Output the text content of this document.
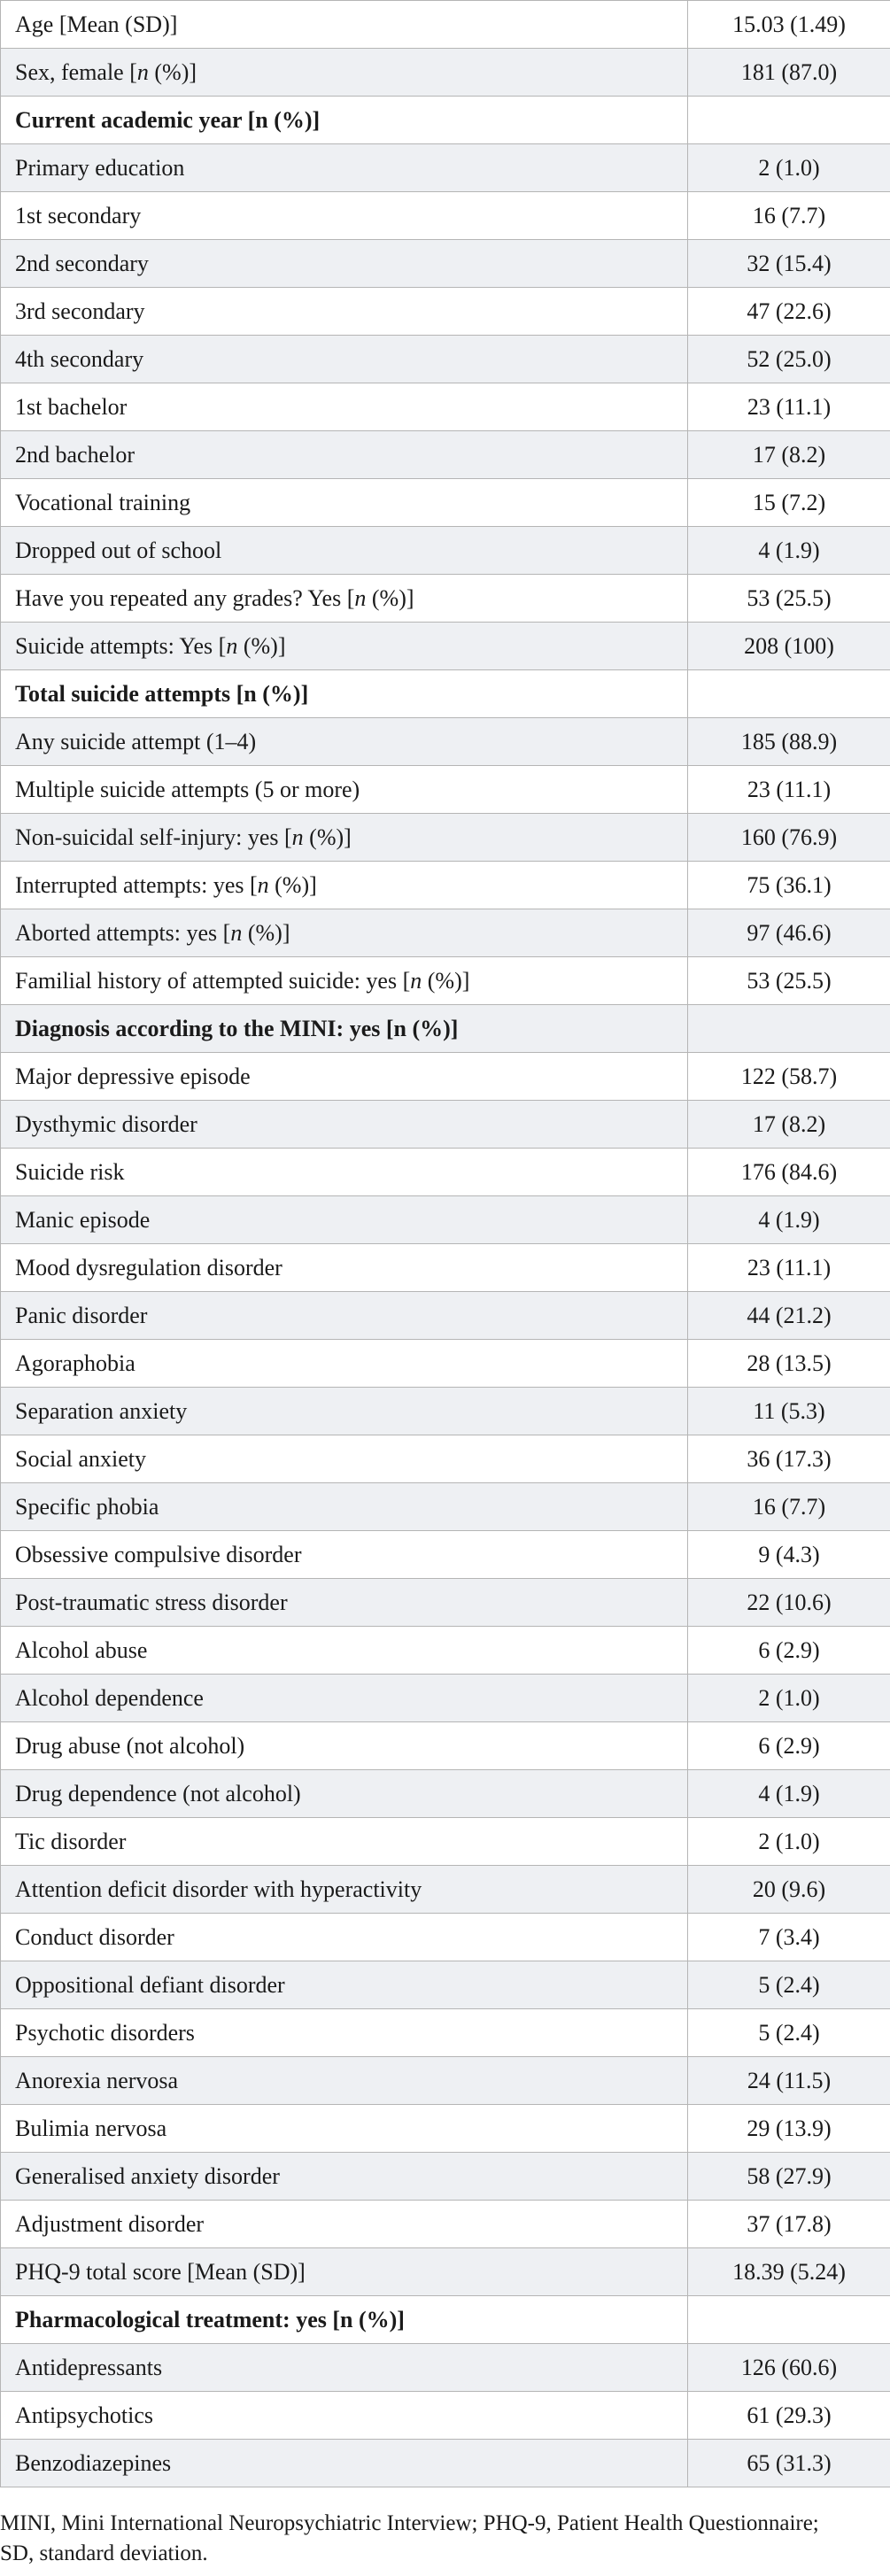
Age [Mean (SD)]	15.03 (1.49)
Sex, female [n (%)]	181 (87.0)
Current academic year [n (%)]	
Primary education	2 (1.0)
1st secondary	16 (7.7)
2nd secondary	32 (15.4)
3rd secondary	47 (22.6)
4th secondary	52 (25.0)
1st bachelor	23 (11.1)
2nd bachelor	17 (8.2)
Vocational training	15 (7.2)
Dropped out of school	4 (1.9)
Have you repeated any grades? Yes [n (%)]	53 (25.5)
Suicide attempts: Yes [n (%)]	208 (100)
Total suicide attempts [n (%)]	
Any suicide attempt (1–4)	185 (88.9)
Multiple suicide attempts (5 or more)	23 (11.1)
Non-suicidal self-injury: yes [n (%)]	160 (76.9)
Interrupted attempts: yes [n (%)]	75 (36.1)
Aborted attempts: yes [n (%)]	97 (46.6)
Familial history of attempted suicide: yes [n (%)]	53 (25.5)
Diagnosis according to the MINI: yes [n (%)]	
Major depressive episode	122 (58.7)
Dysthymic disorder	17 (8.2)
Suicide risk	176 (84.6)
Manic episode	4 (1.9)
Mood dysregulation disorder	23 (11.1)
Panic disorder	44 (21.2)
Agoraphobia	28 (13.5)
Separation anxiety	11 (5.3)
Social anxiety	36 (17.3)
Specific phobia	16 (7.7)
Obsessive compulsive disorder	9 (4.3)
Post-traumatic stress disorder	22 (10.6)
Alcohol abuse	6 (2.9)
Alcohol dependence	2 (1.0)
Drug abuse (not alcohol)	6 (2.9)
Drug dependence (not alcohol)	4 (1.9)
Tic disorder	2 (1.0)
Attention deficit disorder with hyperactivity	20 (9.6)
Conduct disorder	7 (3.4)
Oppositional defiant disorder	5 (2.4)
Psychotic disorders	5 (2.4)
Anorexia nervosa	24 (11.5)
Bulimia nervosa	29 (13.9)
Generalised anxiety disorder	58 (27.9)
Adjustment disorder	37 (17.8)
PHQ-9 total score [Mean (SD)]	18.39 (5.24)
Pharmacological treatment: yes [n (%)]	
Antidepressants	126 (60.6)
Antipsychotics	61 (29.3)
Benzodiazepines	65 (31.3)
MINI, Mini International Neuropsychiatric Interview; PHQ-9, Patient Health Questionnaire;
SD, standard deviation.
